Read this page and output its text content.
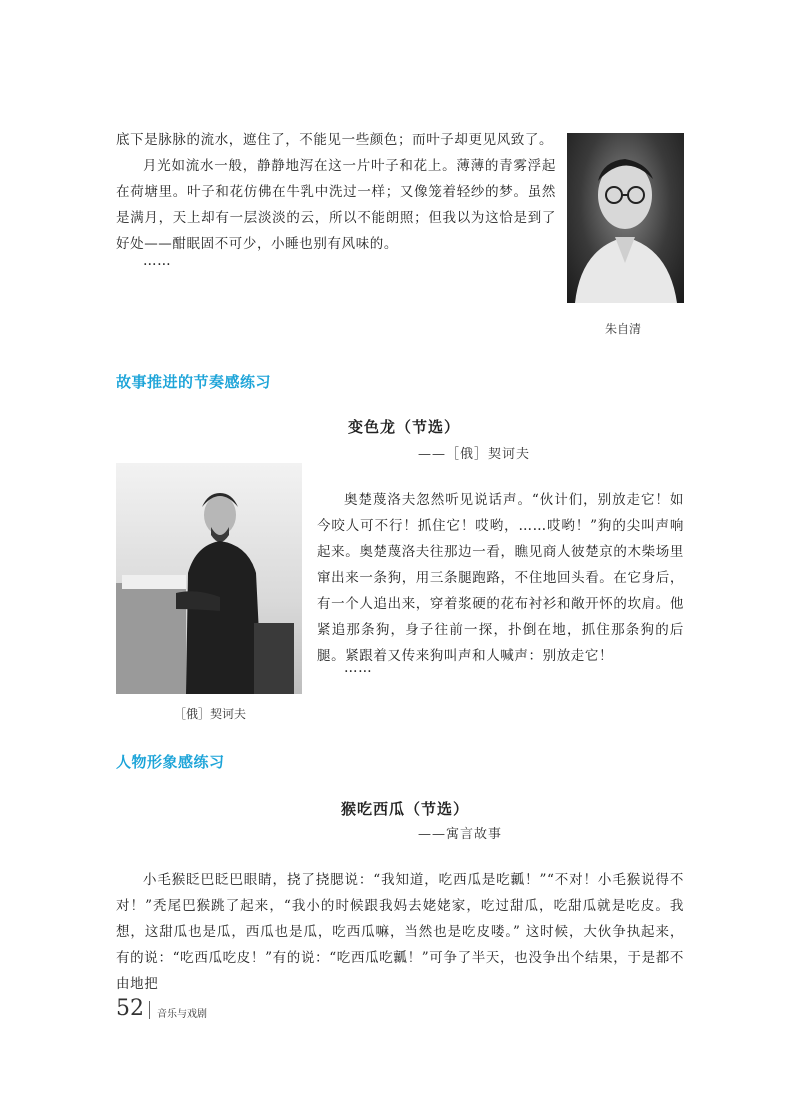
底下是脉脉的流水，遮住了，不能见一些颜色；而叶子却更见风致了。
月光如流水一般，静静地泻在这一片叶子和花上。薄薄的青雾浮起在荷塘里。叶子和花仿佛在牛乳中洗过一样；又像笼着轻纱的梦。虽然是满月，天上却有一层淡淡的云，所以不能朗照；但我以为这恰是到了好处——酣眠固不可少，小睡也别有风味的。
……
朱自清
故事推进的节奏感练习
变色龙（节选）
——［俄］契诃夫
［俄］契诃夫
奥楚蔑洛夫忽然听见说话声。“伙计们，别放走它！如今咬人可不行！抓住它！哎哟，……哎哟！”狗的尖叫声响起来。奥楚蔑洛夫往那边一看，瞧见商人彼楚京的木柴场里窜出来一条狗，用三条腿跑路，不住地回头看。在它身后，有一个人追出来，穿着浆硬的花布衬衫和敞开怀的坎肩。他紧追那条狗，身子往前一探，扑倒在地，抓住那条狗的后腿。紧跟着又传来狗叫声和人喊声：别放走它！
……
人物形象感练习
猴吃西瓜（节选）
——寓言故事
小毛猴眨巴眨巴眼睛，挠了挠腮说：“我知道，吃西瓜是吃瓤！”“不对！小毛猴说得不对！”秃尾巴猴跳了起来，“我小的时候跟我妈去姥姥家，吃过甜瓜，吃甜瓜就是吃皮。我想，这甜瓜也是瓜，西瓜也是瓜，吃西瓜嘛，当然也是吃皮喽。” 这时候，大伙争执起来，有的说：“吃西瓜吃皮！”有的说：“吃西瓜吃瓤！”可争了半天，也没争出个结果，于是都不由地把
52 音乐与戏剧
